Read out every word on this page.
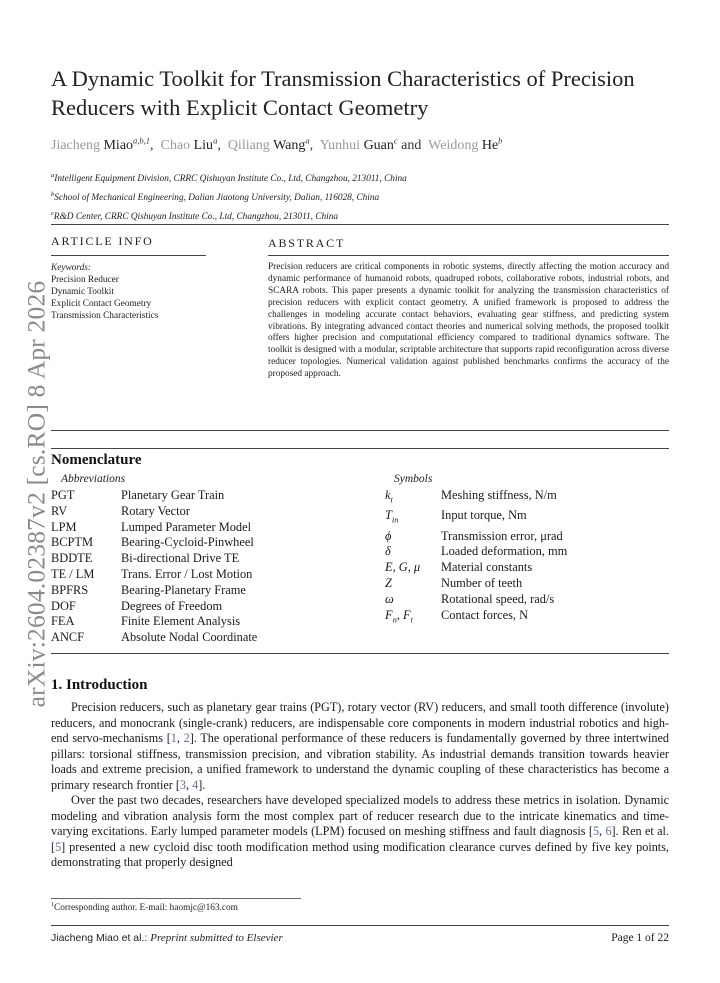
arXiv:2604.02387v2 [cs.RO] 8 Apr 2026
A Dynamic Toolkit for Transmission Characteristics of Precision Reducers with Explicit Contact Geometry
Jiacheng Miao$^{a,b,1}$, Chao Liu$^a$, Qiliang Wang$^a$, Yunhui Guan$^c$ and Weidong He$^b$
$^a$Intelligent Equipment Division, CRRC Qishuyan Institute Co., Ltd, Changzhou, 213011, China
$^b$School of Mechanical Engineering, Dalian Jiaotong University, Dalian, 116028, China
$^c$R&D Center, CRRC Qishuyan Institute Co., Ltd, Changzhou, 213011, China
ARTICLE INFO	ABSTRACT
Keywords:
Precision Reducer
Dynamic Toolkit
Explicit Contact Geometry
Transmission Characteristics

Precision reducers are critical components in robotic systems, directly affecting the motion accuracy and dynamic performance of humanoid robots, quadruped robots, collaborative robots, industrial robots, and SCARA robots. This paper presents a dynamic toolkit for analyzing the transmission characteristics of precision reducers with explicit contact geometry. A unified framework is proposed to address the challenges in modeling accurate contact behaviors, evaluating gear stiffness, and predicting system vibrations. By integrating advanced contact theories and numerical solving methods, the proposed toolkit offers higher precision and computational efficiency compared to traditional dynamics software. The toolkit is designed with a modular, scriptable architecture that supports rapid reconfiguration across diverse reducer topologies. Numerical validation against published benchmarks confirms the accuracy of the proposed approach.

Nomenclature
Abbreviations	Symbols
PGT	Planetary Gear Train
RV	Rotary Vector
LPM	Lumped Parameter Model
BCPTM	Bearing-Cycloid-Pinwheel
BDDTE	Bi-directional Drive TE
TE / LM	Trans. Error / Lost Motion
BPFRS	Bearing-Planetary Frame
DOF	Degrees of Freedom
FEA	Finite Element Analysis
ANCF	Absolute Nodal Coordinate
$k_t$	Meshing stiffness, N/m
$T_{in}$	Input torque, Nm
ϕ	Transmission error, μrad
δ	Loaded deformation, mm
E, G, μ	Material constants
Z	Number of teeth
ω	Rotational speed, rad/s
$F_n$, $F_t$	Contact forces, N
1. Introduction

Precision reducers, such as planetary gear trains (PGT), rotary vector (RV) reducers, and small tooth difference (involute) reducers, and monocrank (single-crank) reducers, are indispensable core components in modern industrial robotics and high-end servo-mechanisms [1, 2]. The operational performance of these reducers is fundamentally governed by three intertwined pillars: torsional stiffness, transmission precision, and vibration stability. As industrial demands transition towards heavier loads and extreme precision, a unified framework to understand the dynamic coupling of these characteristics has become a primary research frontier [3, 4].

Over the past two decades, researchers have developed specialized models to address these metrics in isolation. Dynamic modeling and vibration analysis form the most complex part of reducer research due to the intricate kinematics and time-varying excitations. Early lumped parameter models (LPM) focused on meshing stiffness and fault diagnosis [5, 6]. Ren et al. [5] presented a new cycloid disc tooth modification method using modification clearance curves defined by five key points, demonstrating that properly designed

$^1$Corresponding author. E-mail: haomjc@163.com
Jiacheng Miao et al.: Preprint submitted to Elsevier	Page 1 of 22
